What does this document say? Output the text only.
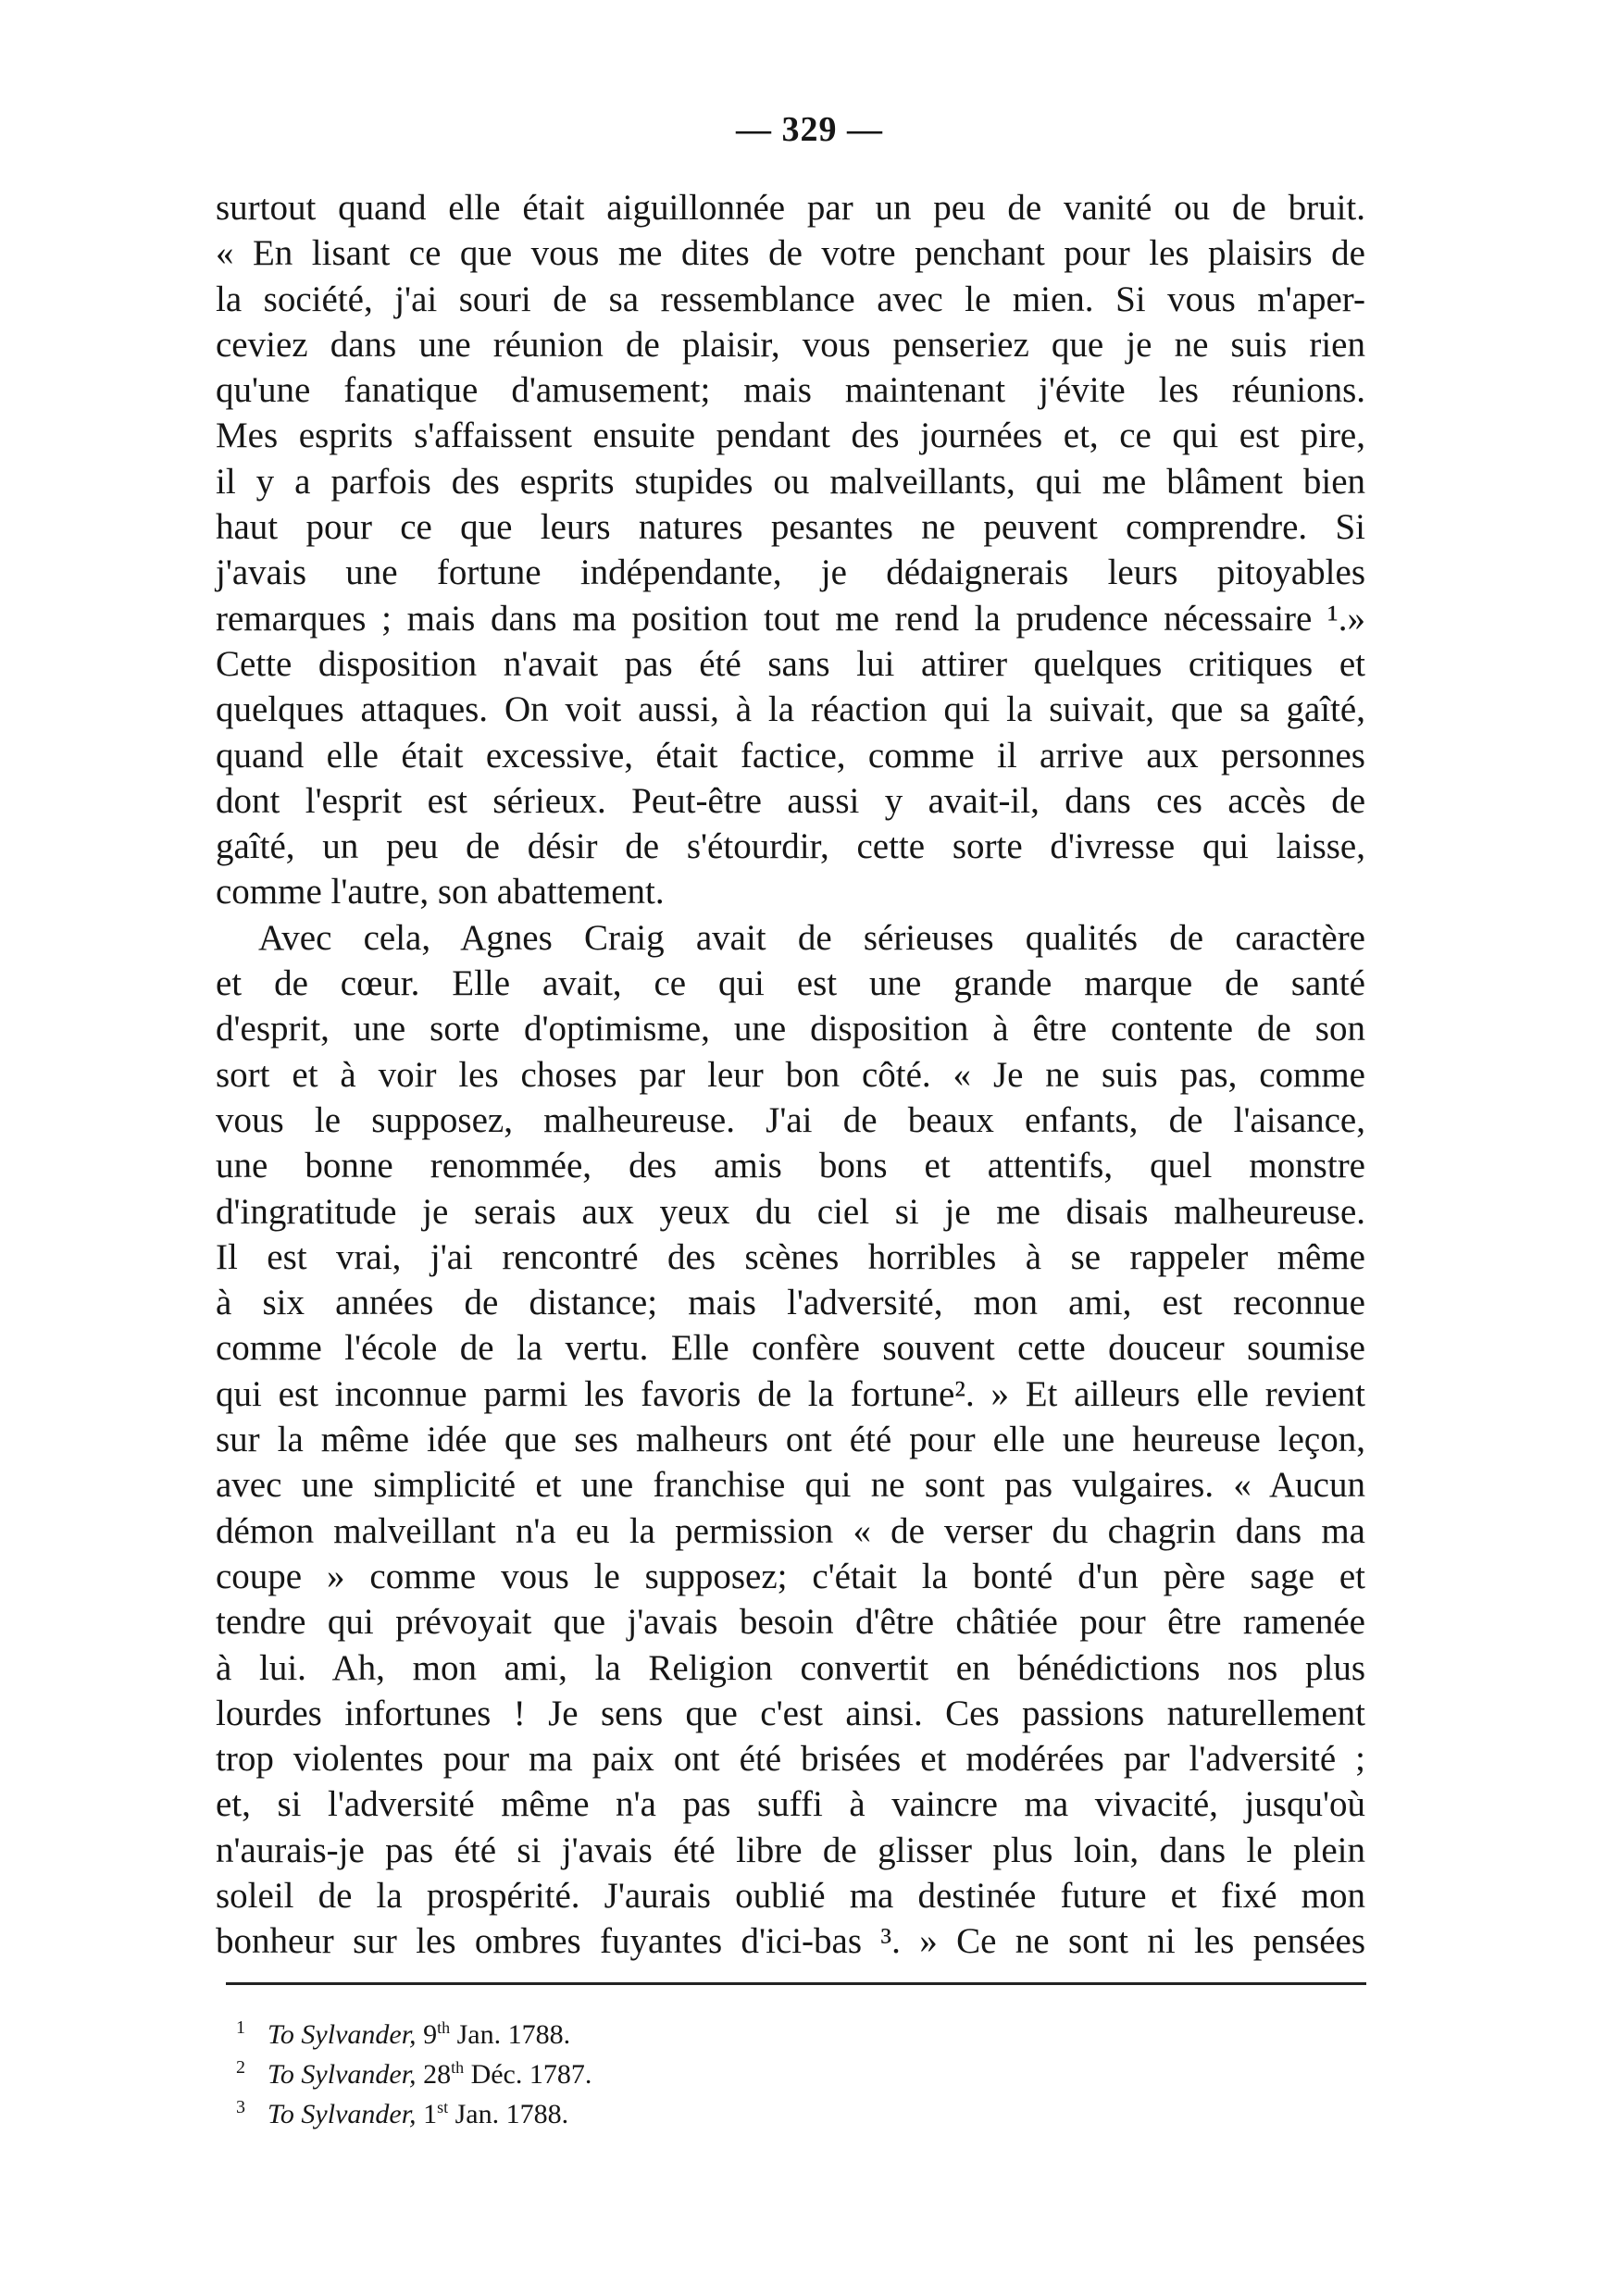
— 329 —
surtout quand elle était aiguillonnée par un peu de vanité ou de bruit.
« En lisant ce que vous me dites de votre penchant pour les plaisirs de
la société, j'ai souri de sa ressemblance avec le mien. Si vous m'aper-
ceviez dans une réunion de plaisir, vous penseriez que je ne suis rien
qu'une fanatique d'amusement; mais maintenant j'évite les réunions.
Mes esprits s'affaissent ensuite pendant des journées et, ce qui est pire,
il y a parfois des esprits stupides ou malveillants, qui me blâment bien
haut pour ce que leurs natures pesantes ne peuvent comprendre. Si
j'avais une fortune indépendante, je dédaignerais leurs pitoyables
remarques ; mais dans ma position tout me rend la prudence nécessaire ¹.»
Cette disposition n'avait pas été sans lui attirer quelques critiques et
quelques attaques. On voit aussi, à la réaction qui la suivait, que sa gaîté,
quand elle était excessive, était factice, comme il arrive aux personnes
dont l'esprit est sérieux. Peut-être aussi y avait-il, dans ces accès de
gaîté, un peu de désir de s'étourdir, cette sorte d'ivresse qui laisse,
comme l'autre, son abattement.
Avec cela, Agnes Craig avait de sérieuses qualités de caractère
et de cœur. Elle avait, ce qui est une grande marque de santé
d'esprit, une sorte d'optimisme, une disposition à être contente de son
sort et à voir les choses par leur bon côté. « Je ne suis pas, comme
vous le supposez, malheureuse. J'ai de beaux enfants, de l'aisance,
une bonne renommée, des amis bons et attentifs, quel monstre
d'ingratitude je serais aux yeux du ciel si je me disais malheureuse.
Il est vrai, j'ai rencontré des scènes horribles à se rappeler même
à six années de distance; mais l'adversité, mon ami, est reconnue
comme l'école de la vertu. Elle confère souvent cette douceur soumise
qui est inconnue parmi les favoris de la fortune². » Et ailleurs elle revient
sur la même idée que ses malheurs ont été pour elle une heureuse leçon,
avec une simplicité et une franchise qui ne sont pas vulgaires. « Aucun
démon malveillant n'a eu la permission « de verser du chagrin dans ma
coupe » comme vous le supposez; c'était la bonté d'un père sage et
tendre qui prévoyait que j'avais besoin d'être châtiée pour être ramenée
à lui. Ah, mon ami, la Religion convertit en bénédictions nos plus
lourdes infortunes ! Je sens que c'est ainsi. Ces passions naturellement
trop violentes pour ma paix ont été brisées et modérées par l'adversité ;
et, si l'adversité même n'a pas suffi à vaincre ma vivacité, jusqu'où
n'aurais-je pas été si j'avais été libre de glisser plus loin, dans le plein
soleil de la prospérité. J'aurais oublié ma destinée future et fixé mon
bonheur sur les ombres fuyantes d'ici-bas ³. » Ce ne sont ni les pensées
1 To Sylvander, 9th Jan. 1788.
2 To Sylvander, 28th Déc. 1787.
3 To Sylvander, 1st Jan. 1788.
